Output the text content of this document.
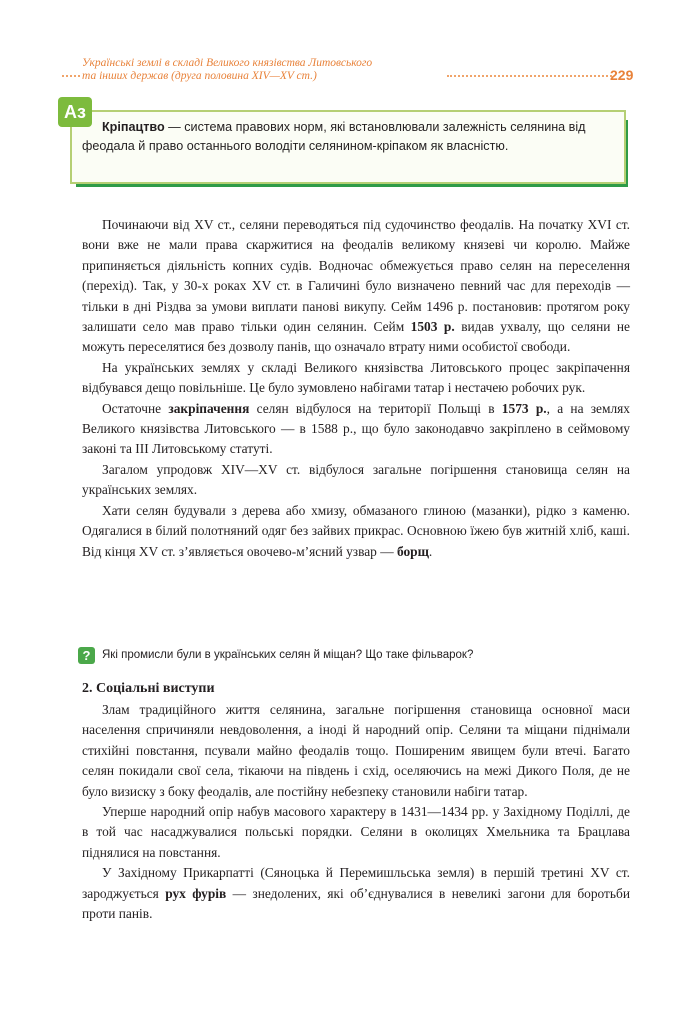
Українські землі в складі Великого князівства Литовського
та інших держав (друга половина XIV—XV ст.)	229
Аз
Кріпацтво — система правових норм, які встановлювали залежність селянина від феодала й право останнього володіти селянином-кріпаком як власністю.

Починаючи від XV ст., селяни переводяться під судочинство феодалів. На початку XVI ст. вони вже не мали права скаржитися на феодалів великому князеві чи королю. Майже припиняється діяльність копних судів. Водночас обмежується право селян на переселення (перехід). Так, у 30-х роках XV ст. в Галичині було визначено певний час для переходів — тільки в дні Різдва за умови виплати панові викупу. Сейм 1496 р. постановив: протягом року залишати село мав право тільки один селянин. Сейм 1503 р. видав ухвалу, що селяни не можуть переселятися без дозволу панів, що означало втрату ними особистої свободи.

На українських землях у складі Великого князівства Литовського процес закріпачення відбувався дещо повільніше. Це було зумовлено набігами татар і нестачею робочих рук.

Остаточне закріпачення селян відбулося на території Польщі в 1573 р., а на землях Великого князівства Литовського — в 1588 р., що було законодавчо закріплено в сеймовому законі та III Литовському статуті.

Загалом упродовж XIV—XV ст. відбулося загальне погіршення становища селян на українських землях.

Хати селян будували з дерева або хмизу, обмазаного глиною (мазанки), рідко з каменю. Одягалися в білий полотняний одяг без зайвих прикрас. Основною їжею був житній хліб, каші. Від кінця XV ст. з’являється овочево-м’ясний узвар — борщ.

?	Які промисли були в українських селян й міщан? Що таке фільварок?
2. Соціальні виступи

Злам традиційного життя селянина, загальне погіршення становища основної маси населення спричиняли невдоволення, а іноді й народний опір. Селяни та міщани піднімали стихійні повстання, псували майно феодалів тощо. Поширеним явищем були втечі. Багато селян покидали свої села, тікаючи на південь і схід, оселяючись на межі Дикого Поля, де не було визиску з боку феодалів, але постійну небезпеку становили набіги татар.

Уперше народний опір набув масового характеру в 1431—1434 рр. у Західному Поділлі, де в той час насаджувалися польські порядки. Селяни в околицях Хмельника та Брацлава піднялися на повстання.

У Західному Прикарпатті (Сяноцька й Перемишльська земля) в першій третині XV ст. зароджується рух фурів — знедолених, які об’єднувалися в невеликі загони для боротьби проти панів.
